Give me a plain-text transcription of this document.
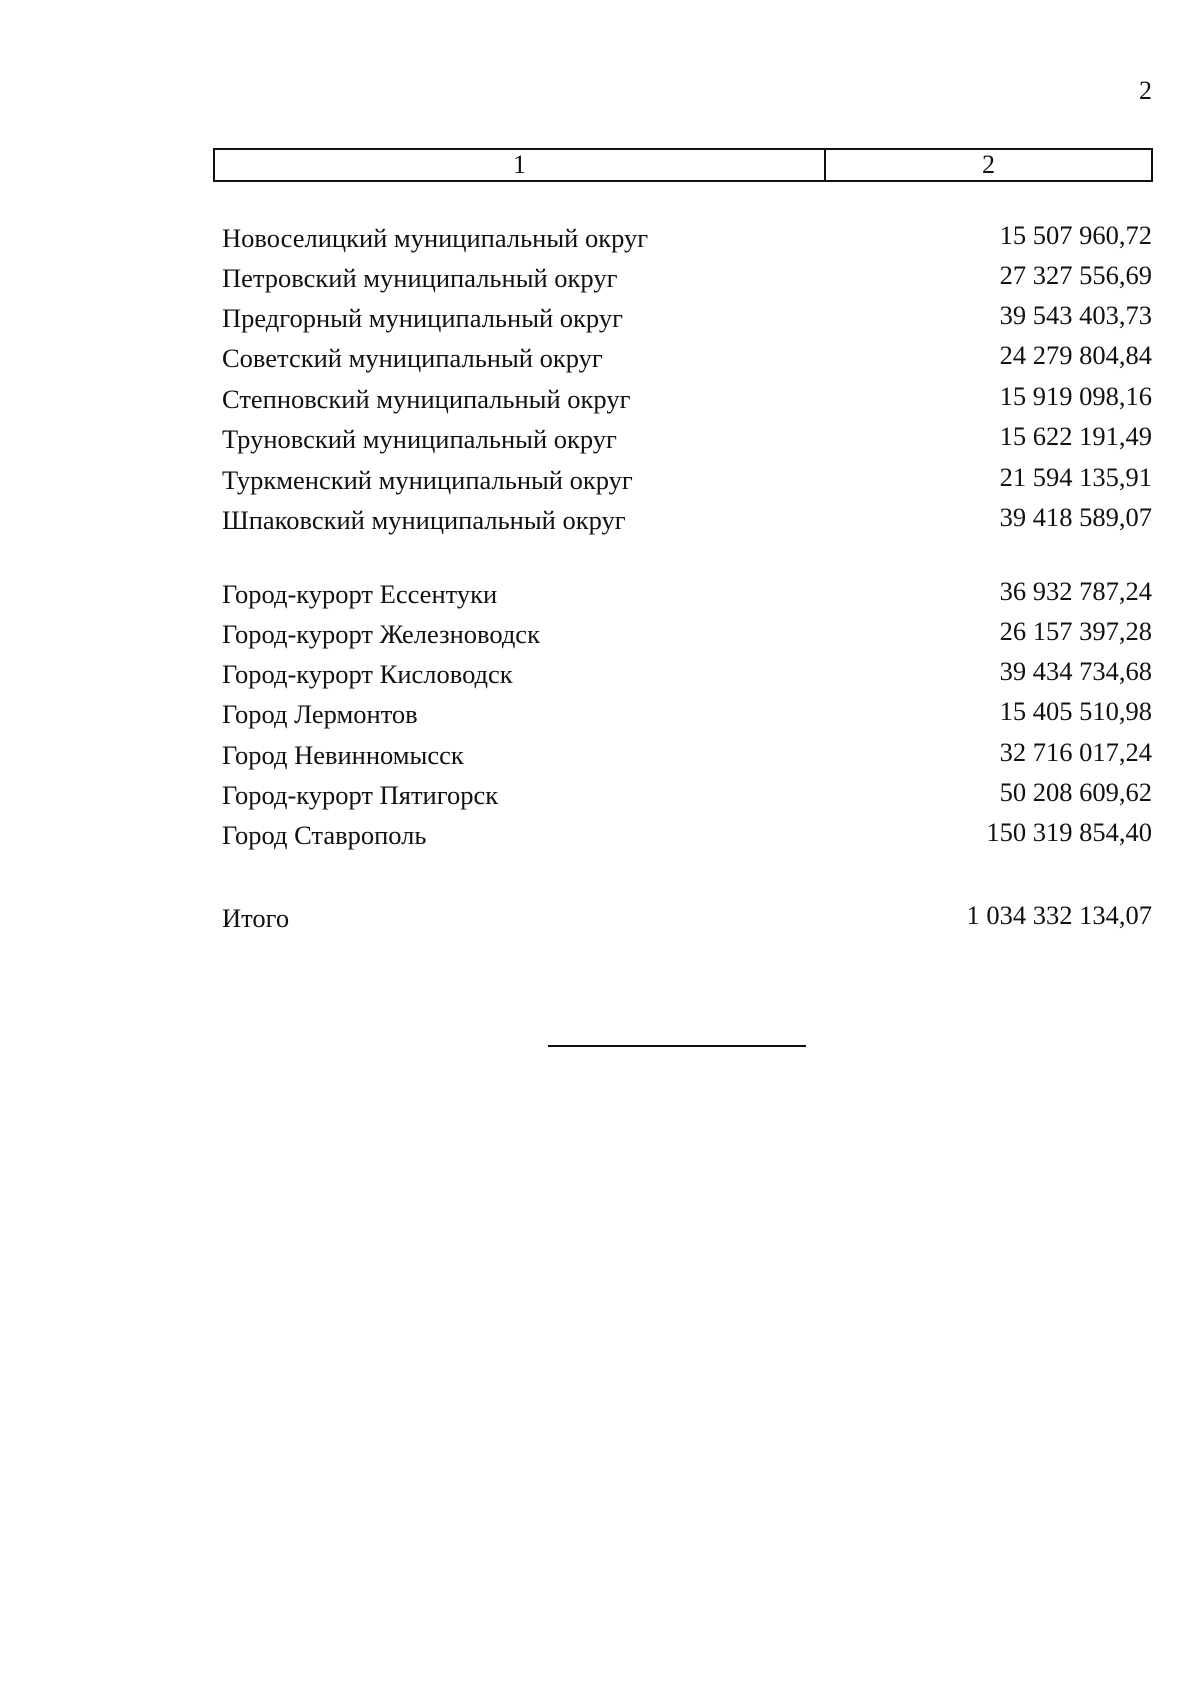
2
1	2
Новоселицкий муниципальный округ	15 507 960,72
Петровский муниципальный округ	27 327 556,69
Предгорный муниципальный округ	39 543 403,73
Советский муниципальный округ	24 279 804,84
Степновский муниципальный округ	15 919 098,16
Труновский муниципальный округ	15 622 191,49
Туркменский муниципальный округ	21 594 135,91
Шпаковский муниципальный округ	39 418 589,07
Город-курорт Ессентуки	36 932 787,24
Город-курорт Железноводск	26 157 397,28
Город-курорт Кисловодск	39 434 734,68
Город Лермонтов	15 405 510,98
Город Невинномысск	32 716 017,24
Город-курорт Пятигорск	50 208 609,62
Город Ставрополь	150 319 854,40
Итого	1 034 332 134,07
